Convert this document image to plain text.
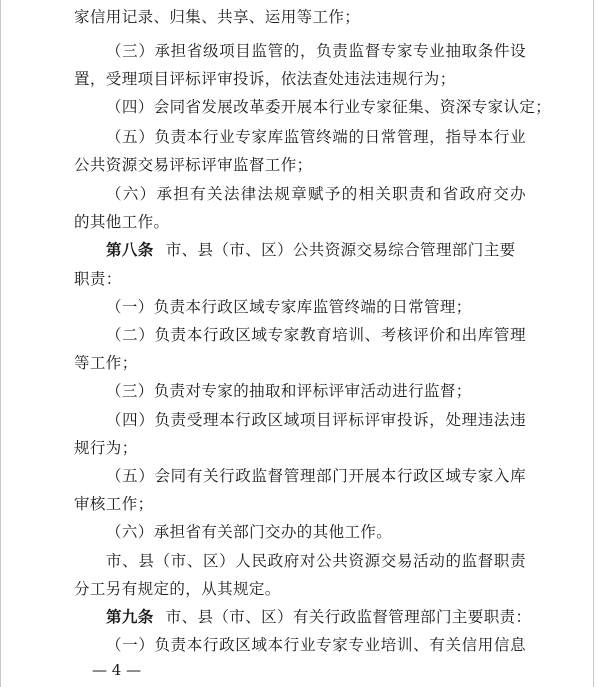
家信用记录、归集、共享、运用等工作；
（三）承担省级项目监管的，负责监督专家专业抽取条件设
置，受理项目评标评审投诉，依法查处违法违规行为；
（四）会同省发展改革委开展本行业专家征集、资深专家认定；
（五）负责本行业专家库监管终端的日常管理，指导本行业
公共资源交易评标评审监督工作；
（六）承担有关法律法规章赋予的相关职责和省政府交办
的其他工作。
第八条 市、县（市、区）公共资源交易综合管理部门主要
职责：
（一）负责本行政区域专家库监管终端的日常管理；
（二）负责本行政区域专家教育培训、考核评价和出库管理
等工作；
（三）负责对专家的抽取和评标评审活动进行监督；
（四）负责受理本行政区域项目评标评审投诉，处理违法违
规行为；
（五）会同有关行政监督管理部门开展本行政区域专家入库
审核工作；
（六）承担省有关部门交办的其他工作。
市、县（市、区）人民政府对公共资源交易活动的监督职责
分工另有规定的，从其规定。
第九条 市、县（市、区）有关行政监督管理部门主要职责：
（一）负责本行政区域本行业专家专业培训、有关信用信息
— 4 —
